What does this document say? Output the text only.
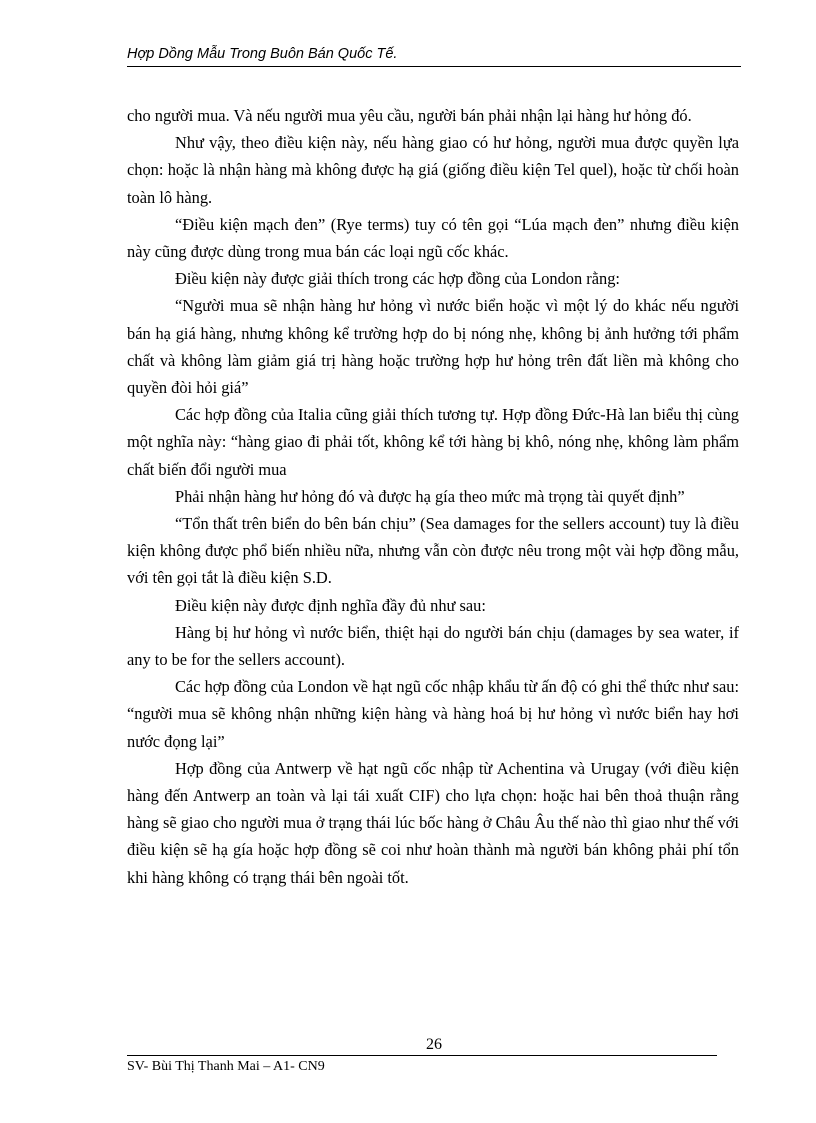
Hợp Dồng Mẫu Trong Buôn Bán Quốc Tế.

cho người mua. Và nếu người mua yêu cầu, người bán phải nhận lại hàng hư hỏng đó.

Như vậy, theo điều kiện này, nếu hàng giao có hư hỏng, người mua được quyền lựa chọn: hoặc là nhận hàng mà không được hạ giá (giống điều kiện Tel quel), hoặc từ chối hoàn toàn lô hàng.

“Điều kiện mạch đen” (Rye terms) tuy có tên gọi “Lúa mạch đen” nhưng điều kiện này cũng được dùng trong mua bán các loại ngũ cốc khác.

Điều kiện này được giải thích trong các hợp đồng của London rằng:

“Người mua sẽ nhận hàng hư hỏng vì nước biển hoặc vì một lý do khác nếu người bán hạ giá hàng, nhưng không kể trường hợp do bị nóng nhẹ, không bị ảnh hưởng tới phẩm chất và không làm giảm giá trị hàng hoặc trường hợp hư hỏng trên đất liền mà không cho quyền đòi hỏi giá”

Các hợp đồng của Italia cũng giải thích tương tự. Hợp đồng Đức-Hà lan biểu thị cùng một nghĩa này: “hàng giao đi phải tốt, không kể tới hàng bị khô, nóng nhẹ, không làm phẩm chất biến đổi người mua

Phải nhận hàng hư hỏng đó và được hạ gía theo mức mà trọng tài quyết định”

“Tổn thất trên biển do bên bán chịu” (Sea damages for the sellers account) tuy là điều kiện không được phổ biến nhiều nữa, nhưng vẫn còn được nêu trong một vài hợp đồng mẫu, với tên gọi tắt là điều kiện S.D.

Điều kiện này được định nghĩa đầy đủ như sau:

Hàng bị hư hỏng vì nước biển, thiệt hại do người bán chịu (damages by sea water, if any to be for the sellers account).

Các hợp đồng của London về hạt ngũ cốc nhập khẩu từ ấn độ có ghi thể thức như sau: “người mua sẽ không nhận những kiện hàng và hàng hoá bị hư hỏng vì nước biển hay hơi nước đọng lại”

Hợp đồng của Antwerp về hạt ngũ cốc nhập từ Achentina và Urugay (với điều kiện hàng đến Antwerp an toàn và lại tái xuất CIF) cho lựa chọn: hoặc hai bên thoả thuận rằng hàng sẽ giao cho người mua ở trạng thái lúc bốc hàng ở Châu Âu thế nào thì giao như thế với điều kiện sẽ hạ gía hoặc hợp đồng sẽ coi như hoàn thành mà người bán không phải phí tổn khi hàng không có trạng thái bên ngoài tốt.

26
SV- Bùi Thị Thanh Mai – A1- CN9
